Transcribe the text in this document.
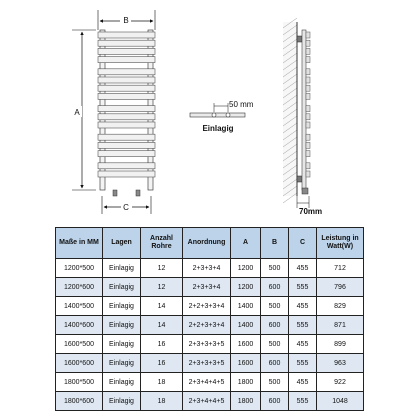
B
A
C
50 mm
Einlagig
70mm
Maße in MM	Lagen	Anzahl Rohre	Anordnung	A	B	C	Leistung in Watt(W)
1200*500	Einlagig	12	2+3+3+4	1200	500	455	712
1200*600	Einlagig	12	2+3+3+4	1200	600	555	796
1400*500	Einlagig	14	2+2+3+3+4	1400	500	455	829
1400*600	Einlagig	14	2+2+3+3+4	1400	600	555	871
1600*500	Einlagig	16	2+3+3+3+5	1600	500	455	899
1600*600	Einlagig	16	2+3+3+3+5	1600	600	555	963
1800*500	Einlagig	18	2+3+4+4+5	1800	500	455	922
1800*600	Einlagig	18	2+3+4+4+5	1800	600	555	1048
